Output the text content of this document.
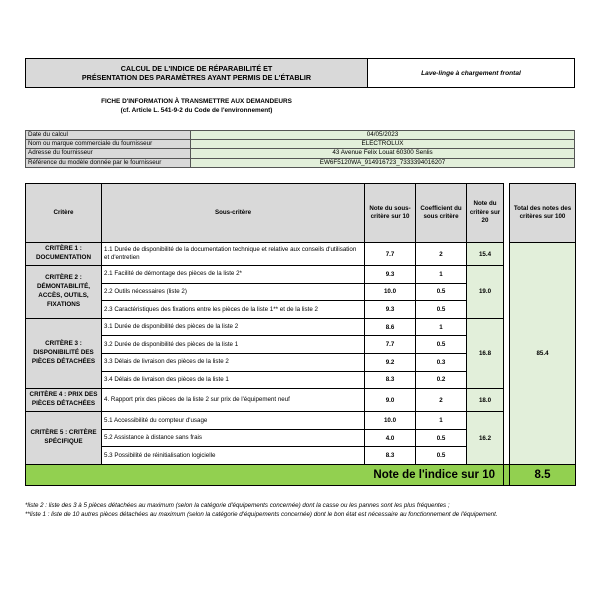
CALCUL DE L'INDICE DE RÉPARABILITÉ ET
PRÉSENTATION DES PARAMÈTRES AYANT PERMIS DE L'ÉTABLIR	Lave-linge à chargement frontal
FICHE D'INFORMATION À TRANSMETTRE AUX DEMANDEURS
(cf. Article L. 541-9-2 du Code de l'environnement)
Date du calcul	04/05/2023
Nom ou marque commerciale du fournisseur	ELECTROLUX
Adresse du fournisseur	43 Avenue Felix Louat 60300 Senlis
Référence du modèle donnée par le fournisseur	EW6F5120WA_914916723_7333394016207
Critère	Sous-critère	Note du sous-critère sur 10	Coefficient du sous critère	Note du critère sur 20		Total des notes des critères sur 100
CRITÈRE 1 : DOCUMENTATION	1.1 Durée de disponibilité de la documentation technique et relative aux conseils d'utilisation et d'entretien	7.7	2	15.4		85.4
CRITÈRE 2 : DÉMONTABILITÉ, ACCÈS, OUTILS, FIXATIONS	2.1 Facilité de démontage des pièces de la liste 2*	9.3	1	19.0		
	2.2 Outils nécessaires (liste 2)	10.0	0.5			
	2.3 Caractéristiques des fixations entre les pièces de la liste 1** et de la liste 2	9.3	0.5			
CRITÈRE 3 : DISPONIBILITÉ DES PIÈCES DÉTACHÉES	3.1 Durée de disponibilité des pièces de la liste 2	8.6	1	16.8		
	3.2 Durée de disponibilité des pièces de la liste 1	7.7	0.5			
	3.3 Délais de livraison des pièces de la liste 2	9.2	0.3			
	3.4 Délais de livraison des pièces de la liste 1	8.3	0.2			
CRITÈRE 4 : PRIX DES PIÈCES DÉTACHÉES	4. Rapport prix des pièces de la liste 2 sur prix de l'équipement neuf	9.0	2	18.0		
CRITÈRE 5 : CRITÈRE SPÉCIFIQUE	5.1 Accessibilité du compteur d'usage	10.0	1	16.2		
	5.2 Assistance à distance sans frais	4.0	0.5			
	5.3 Possibilité de réinitialisation logicielle	8.3	0.5			
Note de l'indice sur 10						8.5
*liste 2 : liste des 3 à 5 pièces détachées au maximum (selon la catégorie d'équipements concernée) dont la casse ou les pannes sont les plus fréquentes ;
**liste 1 : liste de 10 autres pièces détachées au maximum (selon la catégorie d'équipements concernée) dont le bon état est nécessaire au fonctionnement de l'équipement.
